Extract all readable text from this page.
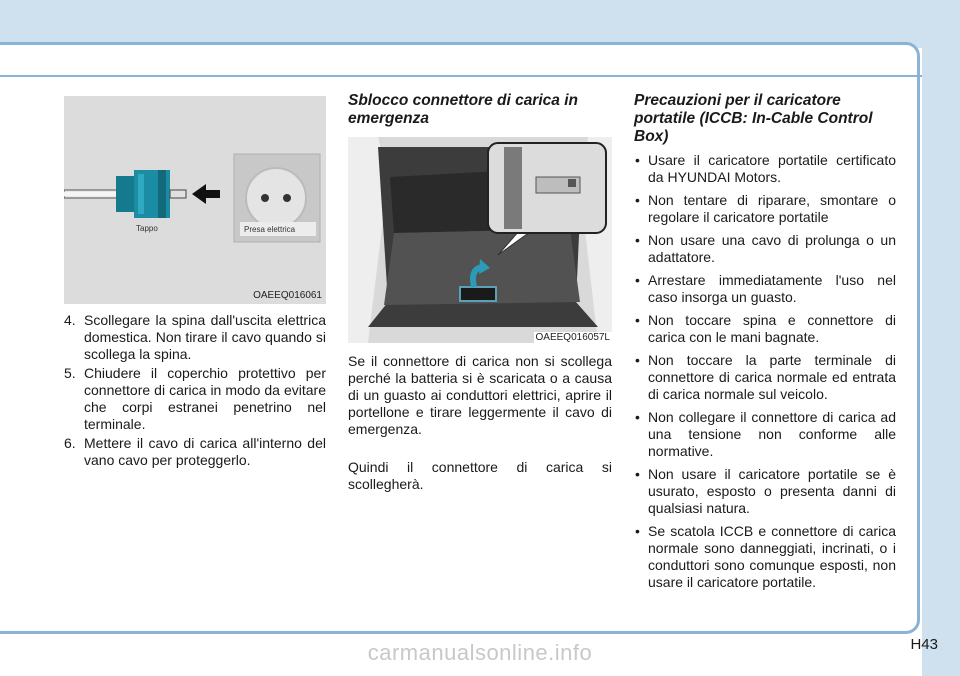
Tappo	Presa elettrica
OAEEQ016061
4. Scollegare la spina dall'uscita elettrica domestica. Non tirare il cavo quando si scollega la spina.
5. Chiudere il coperchio protettivo per connettore di carica in modo da evitare che corpi estranei penetrino nel terminale.
6. Mettere il cavo di carica all'interno del vano cavo per proteggerlo.
Sblocco connettore di carica in emergenza
OAEEQ016057L

Se il connettore di carica non si scollega perché la batteria si è scaricata o a causa di un guasto ai conduttori elettrici, aprire il portellone e tirare leggermente il cavo di emergenza.

Quindi il connettore di carica si scollegherà.

Precauzioni per il caricatore portatile (ICCB: In-Cable Control Box)
• Usare il caricatore portatile certificato da HYUNDAI Motors.
• Non tentare di riparare, smontare o regolare il caricatore portatile
• Non usare una cavo di prolunga o un adattatore.
• Arrestare immediatamente l'uso nel caso insorga un guasto.
• Non toccare spina e connettore di carica con le mani bagnate.
• Non toccare la parte terminale di connettore di carica normale ed entrata di carica normale sul veicolo.
• Non collegare il connettore di carica ad una tensione non conforme alle normative.
• Non usare il caricatore portatile se è usurato, esposto o presenta danni di qualsiasi natura.
• Se scatola ICCB e connettore di carica normale sono danneggiati, incrinati, o i conduttori sono comunque esposti, non usare il caricatore portatile.
H43
carmanualsonline.info
